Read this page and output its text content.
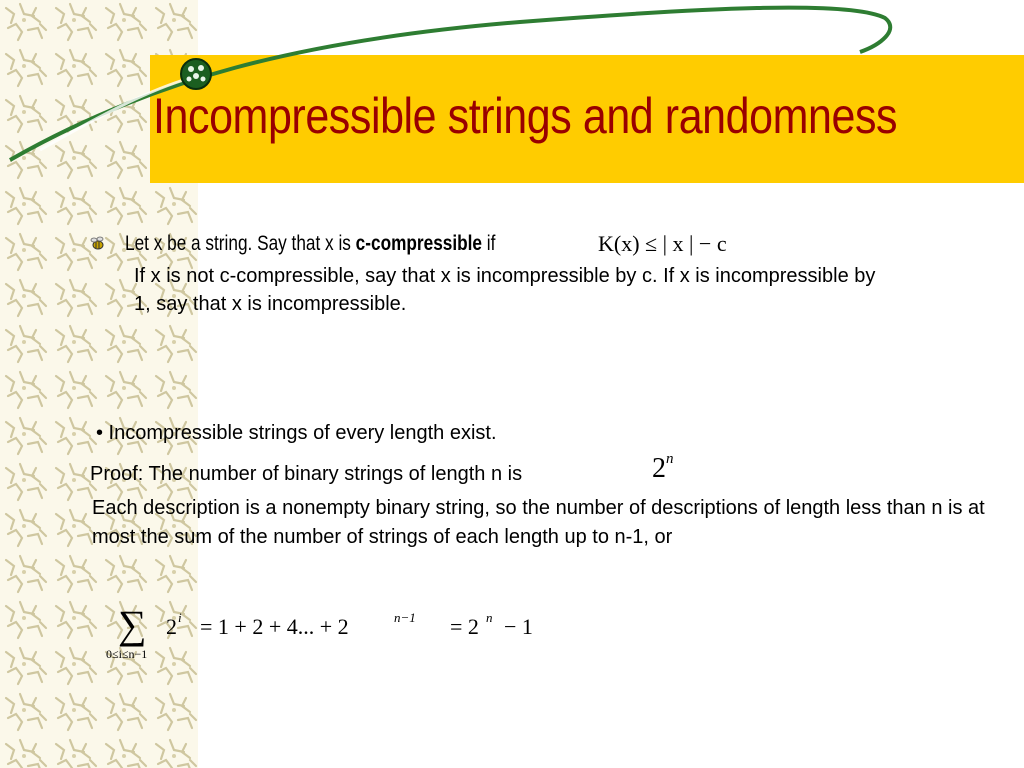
Incompressible strings and randomness
Let x be a string. Say that x is c-compressible if	K(x) ≤ | x | − c
If x is not c-compressible, say that x is incompressible by c. If x is incompressible by 1, say that x is incompressible.
• Incompressible strings of every length exist.
Proof: The number of binary strings of length n is	2$^n$
Each description is a nonempty binary string, so the number of descriptions of length less than n is at most the sum of the number of strings of each length up to n-1, or
∑
0≤i≤n−1
2 i = 1 + 2 + 4... + 2	n−1 = 2 n − 1
